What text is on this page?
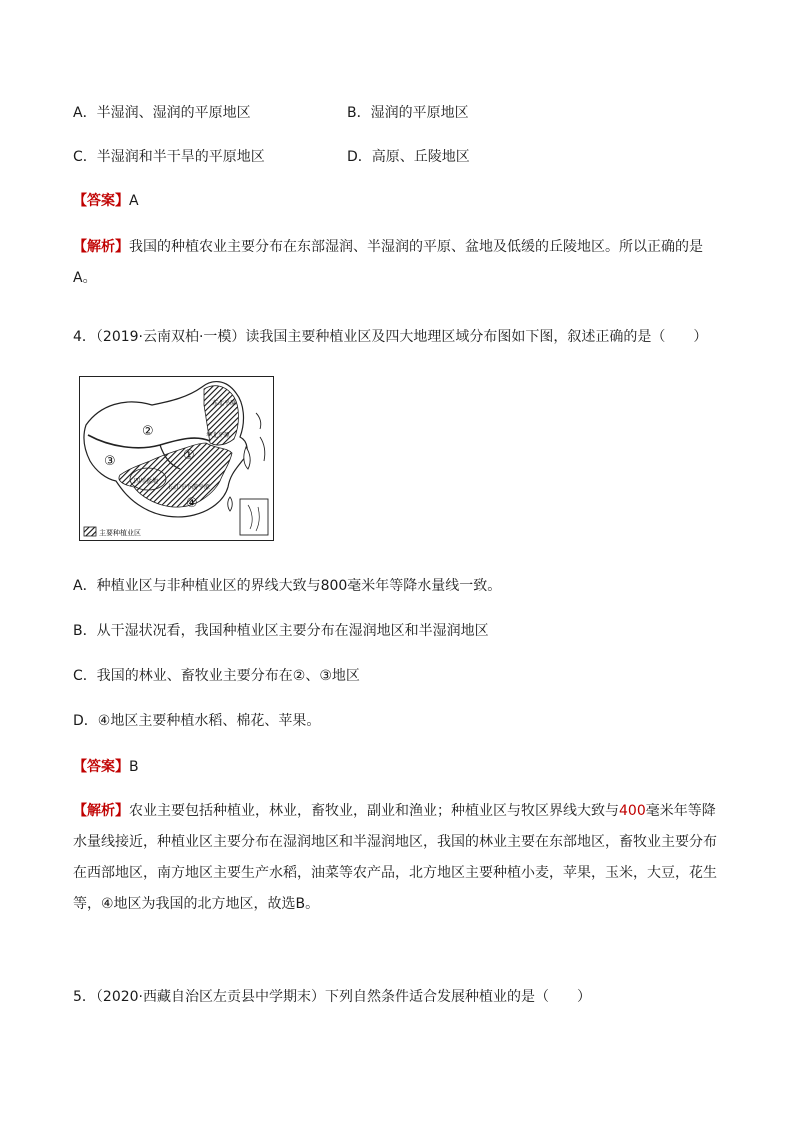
A．半湿润、湿润的平原地区	B．湿润的平原地区
C．半湿润和半干旱的平原地区	D．高原、丘陵地区
【答案】A
【解析】我国的种植农业主要分布在东部湿润、半湿润的平原、盆地及低缓的丘陵地区。所以正确的是A。
4．（2019·云南双柏·一模）读我国主要种植业区及四大地理区域分布图如下图，叙述正确的是（　　）
①
②
③
④
东北平原
华北平原
四川盆地
长江中下游平原
主要种植业区
A．种植业区与非种植业区的界线大致与800毫米年等降水量线一致。
B．从干湿状况看，我国种植业区主要分布在湿润地区和半湿润地区
C．我国的林业、畜牧业主要分布在②、③地区
D．④地区主要种植水稻、棉花、苹果。
【答案】B
【解析】农业主要包括种植业，林业，畜牧业，副业和渔业；种植业区与牧区界线大致与400毫米年等降水量线接近，种植业区主要分布在湿润地区和半湿润地区，我国的林业主要在东部地区，畜牧业主要分布在西部地区，南方地区主要生产水稻，油菜等农产品，北方地区主要种植小麦，苹果，玉米，大豆，花生等，④地区为我国的北方地区，故选B。
5．（2020·西藏自治区左贡县中学期末）下列自然条件适合发展种植业的是（　　）
